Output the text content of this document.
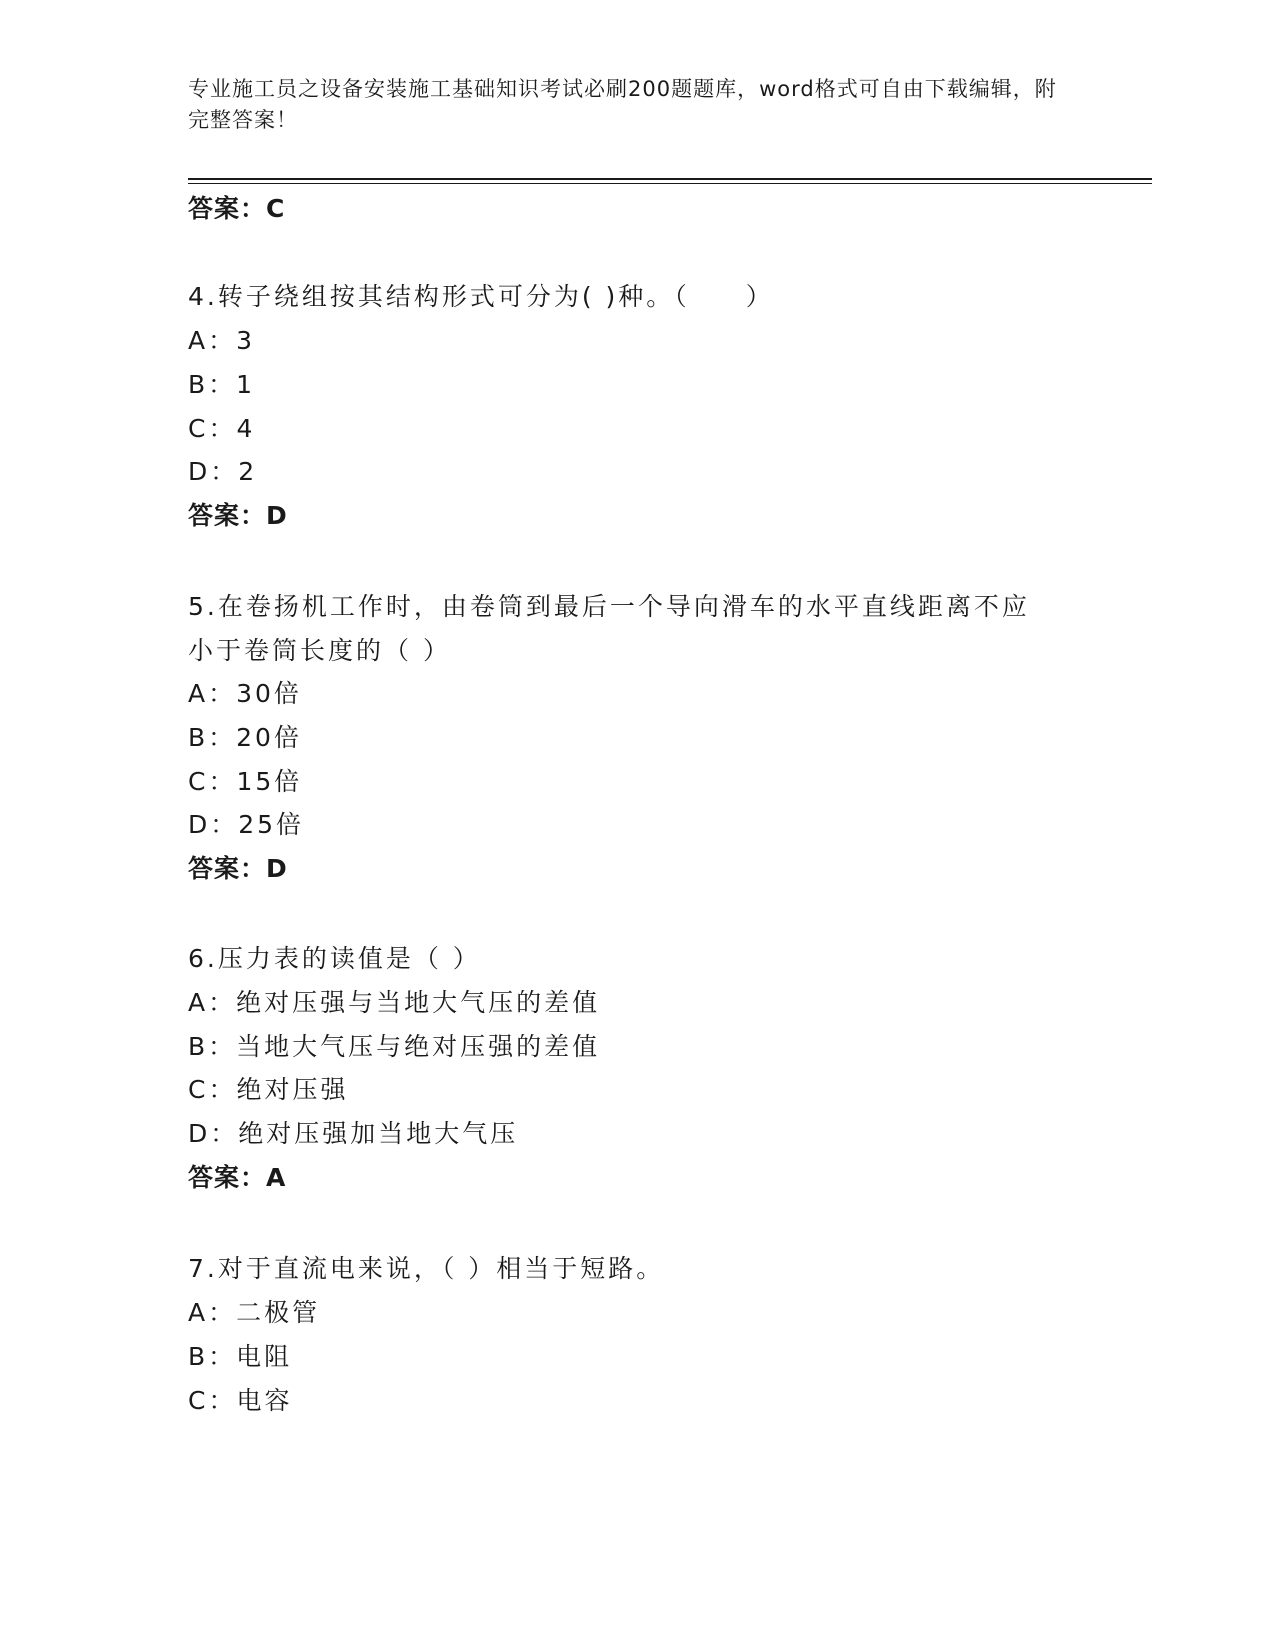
专业施工员之设备安装施工基础知识考试必刷200题题库，word格式可自由下载编辑，附完整答案！
答案：C
4.转子绕组按其结构形式可分为( )种。（　　）
A：3
B：1
C：4
D：2
答案：D
5.在卷扬机工作时，由卷筒到最后一个导向滑车的水平直线距离不应
小于卷筒长度的（ ）
A：30倍
B：20倍
C：15倍
D：25倍
答案：D
6.压力表的读值是（ ）
A：绝对压强与当地大气压的差值
B：当地大气压与绝对压强的差值
C：绝对压强
D：绝对压强加当地大气压
答案：A
7.对于直流电来说，（ ）相当于短路。
A：二极管
B：电阻
C：电容
